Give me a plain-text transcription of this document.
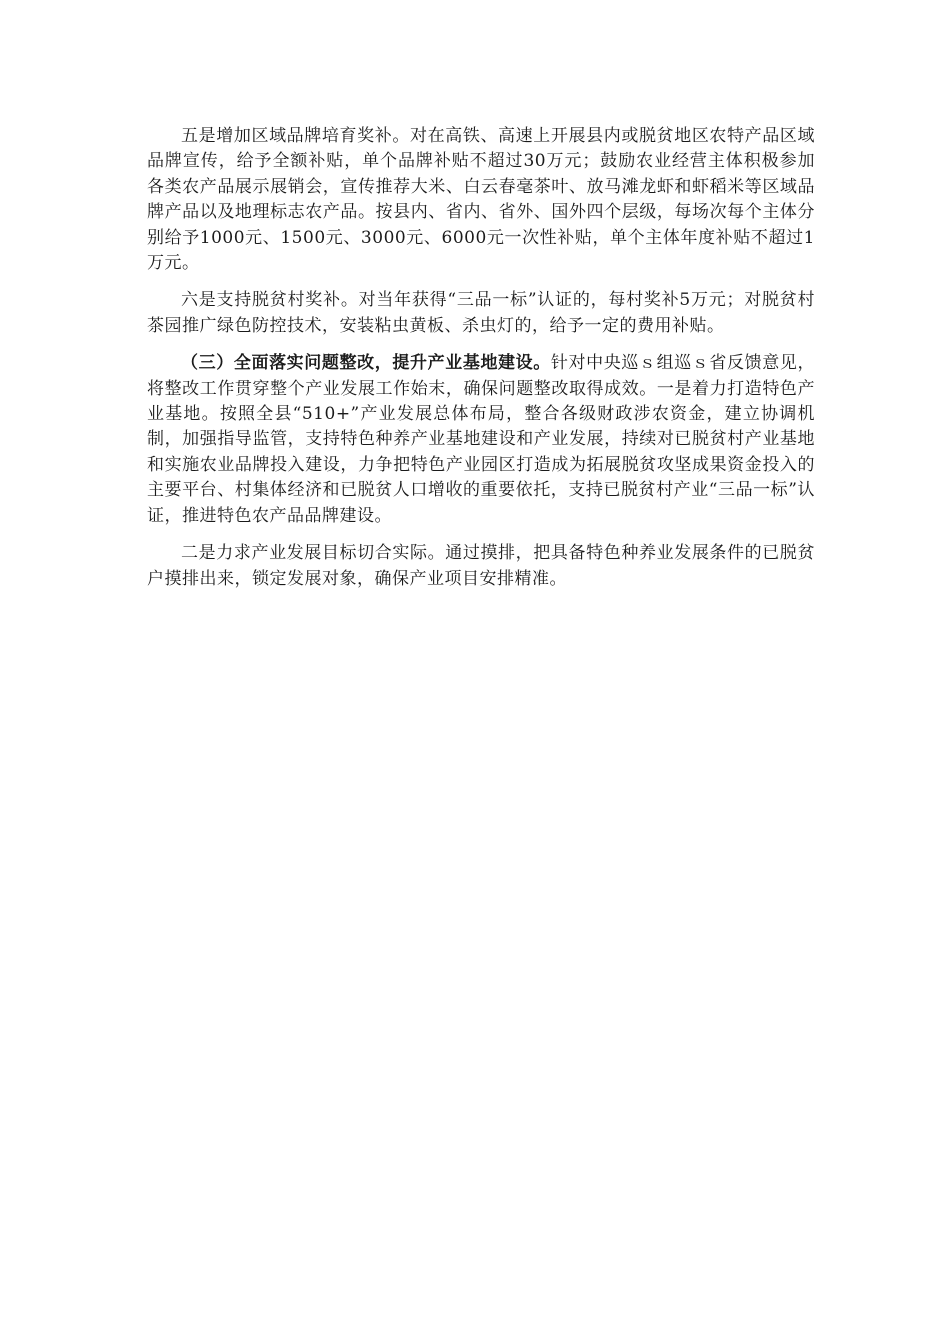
五是增加区域品牌培育奖补。对在高铁、高速上开展县内或脱贫地区农特产品区域品牌宣传，给予全额补贴，单个品牌补贴不超过30万元；鼓励农业经营主体积极参加各类农产品展示展销会，宣传推荐大米、白云春毫茶叶、放马滩龙虾和虾稻米等区域品牌产品以及地理标志农产品。按县内、省内、省外、国外四个层级，每场次每个主体分别给予1000元、1500元、3000元、6000元一次性补贴，单个主体年度补贴不超过1万元。

六是支持脱贫村奖补。对当年获得“三品一标”认证的，每村奖补5万元；对脱贫村茶园推广绿色防控技术，安装粘虫黄板、杀虫灯的，给予一定的费用补贴。

（三）全面落实问题整改，提升产业基地建设。针对中央巡ｓ组巡ｓ省反馈意见，将整改工作贯穿整个产业发展工作始末，确保问题整改取得成效。一是着力打造特色产业基地。按照全县“510+”产业发展总体布局，整合各级财政涉农资金，建立协调机制，加强指导监管，支持特色种养产业基地建设和产业发展，持续对已脱贫村产业基地和实施农业品牌投入建设，力争把特色产业园区打造成为拓展脱贫攻坚成果资金投入的主要平台、村集体经济和已脱贫人口增收的重要依托，支持已脱贫村产业“三品一标”认证，推进特色农产品品牌建设。

二是力求产业发展目标切合实际。通过摸排，把具备特色种养业发展条件的已脱贫户摸排出来，锁定发展对象，确保产业项目安排精准。
